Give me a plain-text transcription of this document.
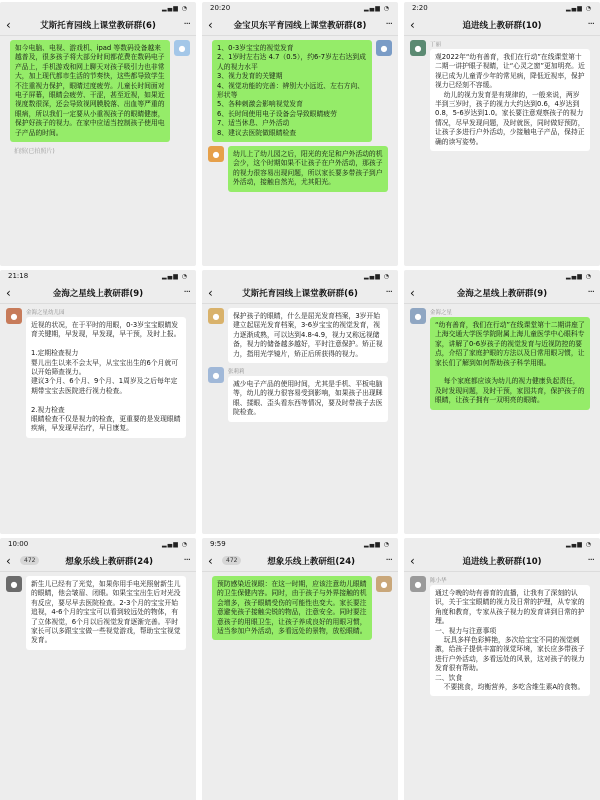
▂▄▆ ◔
‹	艾斯托育园线上课堂教研群(6)	···
●
如今电脑、电视、游戏机、ipad 等数码设备越来越普及，很多孩子将大部分时间都花费在数码电子产品上，手机游戏和网上聊天对孩子吸引力也非常大，加上现代都市生活的节奏快，这些都导致学生不注重视力保护，眼睛过度疲劳。儿童长时间面对电子屏幕，眼睛会疲劳、干涩，甚至近视，如果近视度数很深，还会导致视网膜脱落、出血等严重的眼病，所以我们一定要从小重视孩子的眼睛健康，保护好孩子的视力。在家中应适当控制孩子使用电子产品的时间。
拍照(已拍照片)
20:20	▂▄▆ ◔
‹	金宝贝东平育园线上课堂教研群(8)	···
●
1、0-3岁宝宝的视觉发育
2、1岁时左右达 4.7（0.5），约6-7岁左右达到成人的视力水平
3、视力发育的关键期
4、视觉功能的完善：辨别大小远近、左右方向、形状等
5、各种刺激会影响视觉发育
6、长时间使用电子设备会导致眼睛疲劳
7、适当休息、户外活动
8、建议去医院做眼睛检查
●	幼儿上了幼儿园之后，阳光的充足和户外活动的机会少，这个时期如果不让孩子在户外活动，那孩子的视力很容易出现问题，所以家长要多带孩子到户外活动，接触自然光，尤其阳光。
2:20	▂▄▆ ◔
‹	追进线上教研群(10)	···
● 丁丽
观2022年“幼有善育，我们在行动”在线课堂第十二期一讲护眼子视睛，让“心灵之窗”更加明亮。近视已成为儿童青少年的常见病，降低近视率，保护视力已经刻不容缓。
幼儿的视力发育是有规律的，一般来说，两岁半到三岁时，孩子的视力大约达到0.6，4岁达到0.8，5-6岁达到1.0。家长要注意观察孩子的视力情况，尽早发现问题，及时就医，同时做好预防，让孩子多进行户外活动，少接触电子产品，保持正确的读写姿势。
21:18	▂▄▆ ◔
‹	金海之星线上教研群(9)	···
● 金海之星幼儿园
近视的状况，在于平时的用眼，0-3岁宝宝眼睛发育关键期，早发现，早发现，早干预，及时上报。

1.定期检查视力
婴儿出生以来不会太早，从宝宝出生的6个月就可以开始筛查视力。
建议3个月、6个月、9个月、1周岁及之后每年定期带宝宝去医院进行视力检查。

2.视力检查
眼睛检查不仅是视力的检查，更重要的是发现眼睛疾病，早发现早治疗，早日康复。
▂▄▆ ◔
‹	艾斯托育园线上课堂教研群(6)	···
●	保护孩子的眼睛，什么是屈光发育档案，3岁开始建立起屈光发育档案，3-6岁宝宝的视觉发育，视力逐渐成熟，可以达到4.8-4.9，视力又称远视储备，视力的储备越多越好，平时注意保护。矫正视力，指用光学镜片，矫正后所获得的视力。
● 张莉莉
减少电子产品的使用时间，尤其是手机、平板电脑等，幼儿的视力很容易受到影响，如果孩子出现眯眼、揉眼、歪头看东西等情况，要及时带孩子去医院检查。
▂▄▆ ◔
‹	金海之星线上教研群(9)	···
● 金海之星
“幼有善育，我们在行动”在线课堂第十二期讲座了上海交通大学医学院附属上海儿童医学中心眼科专家，讲解了0-6岁孩子的视觉发育与近视防控的要点，介绍了家庭护眼的方法以及日常用眼习惯，让家长们了解到如何帮助孩子科学用眼。

每个家庭都应该为幼儿的视力健康负起责任，及时发现问题，及时干预，家园共育，保护孩子的眼睛，让孩子拥有一双明亮的眼睛。
10:00	▂▄▆ ◔
‹	472	想象乐线上教研群(24)	···
●	新生儿已经有了光觉，如果你用手电光照射新生儿的眼睛，他会皱眉、闭眼。如果宝宝出生后对光没有反应，要尽早去医院检查。2-3个月的宝宝开始追视，4-6个月的宝宝可以看到较远处的物体，有了立体视觉，6个月以后视觉发育逐渐完善。平时家长可以多跟宝宝做一些视觉游戏，帮助宝宝视觉发育。
9:59	▂▄▆ ◔
‹	472	想象乐线上教研组(24)	···
●
预防感染近视眼：在这一时期，应该注意幼儿眼睛的卫生保健内容。同时，由于孩子与外界接触的机会增多，孩子眼睛受伤的可能性也变大。家长要注意避免孩子接触尖锐的物品，注意安全。同时要注意孩子的用眼卫生，让孩子养成良好的用眼习惯，适当参加户外活动，多看远处的景物，放松眼睛。
▂▄▆ ◔
‹	追进线上教研群(10)	···
● 陈小华
通过今晚的幼有善育的直播，让我有了深刻的认识，关于宝宝眼睛的视力及日常的护理，从专家的角度和教育，专家从孩子视力的发育讲到日常的护理。
一、视力与注意事项
玩具多样色彩鲜艳，多次给宝宝不同的视觉刺激，给孩子提供丰富的视觉环境，家长应多带孩子进行户外活动，多看远处的风景，这对孩子的视力发育很有帮助。
二、饮食
不要挑食，均衡营养，多吃含维生素A的食物。
